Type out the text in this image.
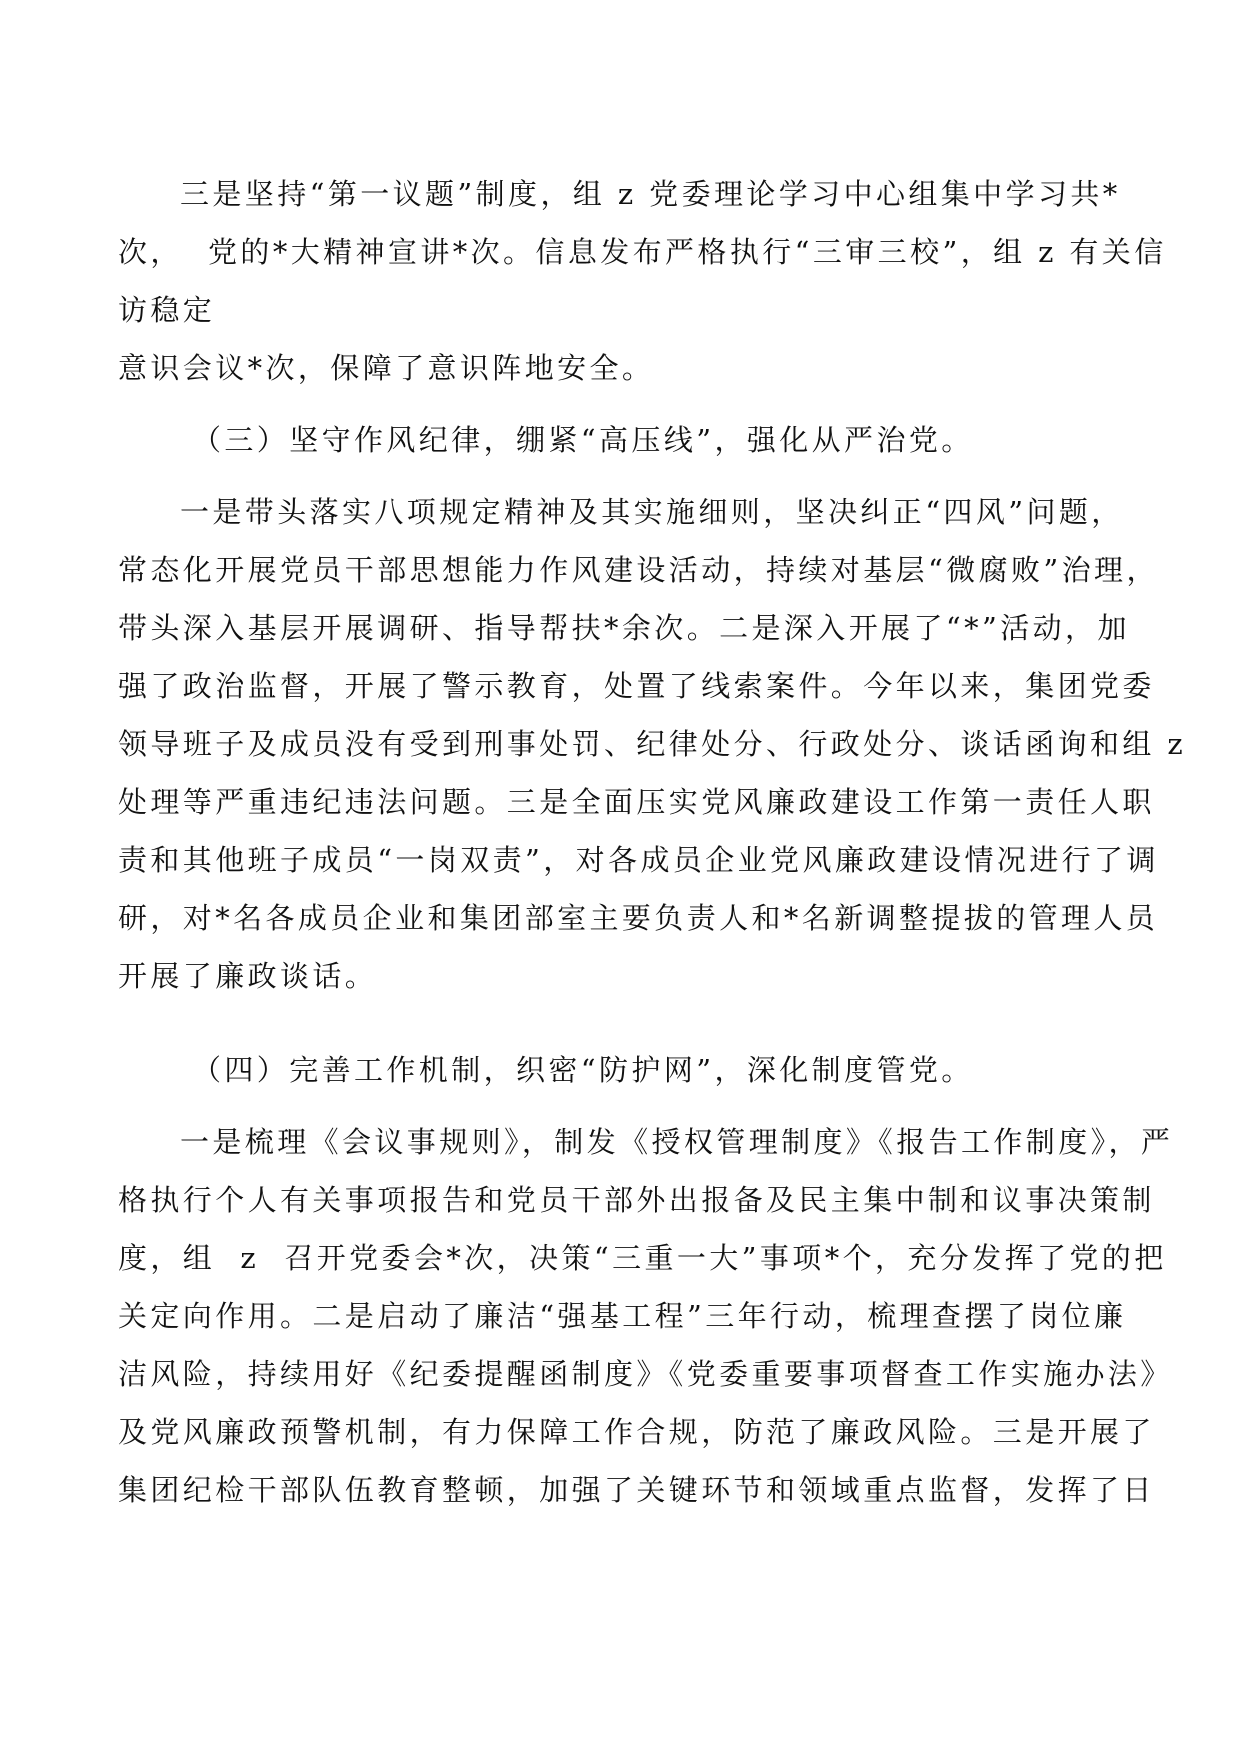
三是坚持“第一议题”制度，组 z 党委理论学习中心组集中学习共*
次，  党的*大精神宣讲*次。信息发布严格执行“三审三校”，组 z 有关信
访稳定
意识会议*次，保障了意识阵地安全。
（三）坚守作风纪律，绷紧“高压线”，强化从严治党。
一是带头落实八项规定精神及其实施细则，坚决纠正“四风”问题，
常态化开展党员干部思想能力作风建设活动，持续对基层“微腐败”治理，
带头深入基层开展调研、指导帮扶*余次。二是深入开展了“*”活动，加
强了政治监督，开展了警示教育，处置了线索案件。今年以来，集团党委
领导班子及成员没有受到刑事处罚、纪律处分、行政处分、谈话函询和组 z
处理等严重违纪违法问题。三是全面压实党风廉政建设工作第一责任人职
责和其他班子成员“一岗双责”，对各成员企业党风廉政建设情况进行了调
研，对*名各成员企业和集团部室主要负责人和*名新调整提拔的管理人员
开展了廉政谈话。
（四）完善工作机制，织密“防护网”，深化制度管党。
一是梳理《会议事规则》，制发《授权管理制度》《报告工作制度》，严
格执行个人有关事项报告和党员干部外出报备及民主集中制和议事决策制
度，组  z  召开党委会*次，决策“三重一大”事项*个，充分发挥了党的把
关定向作用。二是启动了廉洁“强基工程”三年行动，梳理查摆了岗位廉
洁风险，持续用好《纪委提醒函制度》《党委重要事项督查工作实施办法》
及党风廉政预警机制，有力保障工作合规，防范了廉政风险。三是开展了
集团纪检干部队伍教育整顿，加强了关键环节和领域重点监督，发挥了日
